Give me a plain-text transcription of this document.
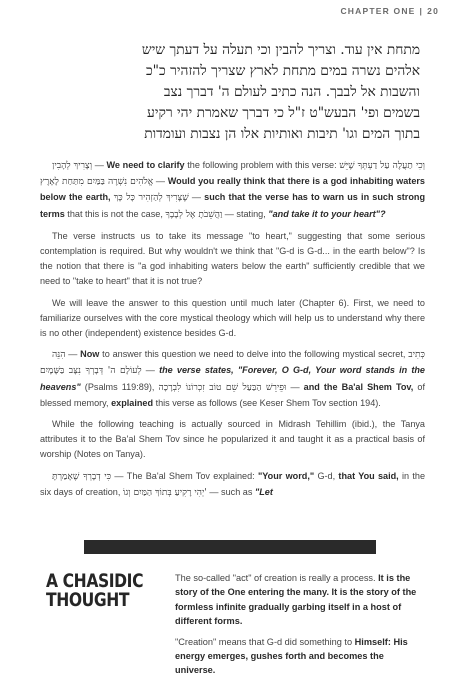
CHAPTER ONE | 20
מתחת אין עוד. וצריך להבין וכי תעלה על דעתך שיש
אלהים נשרה במים מתחת לארץ שצריך להזהיר כ"כ
והשבות אל לבבך. הנה כתיב לעולם ה' דברך נצב
בשמים ופי' הבעש"ט ז"ל כי דברך שאמרת יהי רקיע
בתוך המים וגו' תיבות ואותיות אלו הן נצבות ועומדות

וְצָרִיךְ לְהָבִין — We need to clarify the following problem with this verse: וְכִי תַעֲלֶה עַל דַעְתְּךָ שֶׁיֵּשׁ אֱלֹהִים נִשְׁרֶה בַּמַּיִם מִתַּחַת לָאָרֶץ — Would you really think that there is a god inhabiting waters below the earth, שֶׁצָּרִיךְ לְהַזְהִיר כָּל כָּךְ — such that the verse has to warn us in such strong terms that this is not the case, וַהֲשֵׁבֹתָ אֶל לְבָבֶךָ — stating, "and take it to your heart"?

The verse instructs us to take its message "to heart," suggesting that some serious contemplation is required. But why wouldn't we think that "G-d is G-d... in the earth below"? Is the notion that there is "a god inhabiting waters below the earth" sufficiently credible that we need to "take to heart" that it is not true?

We will leave the answer to this question until much later (Chapter 6). First, we need to familiarize ourselves with the core mystical theology which will help us to understand why there is no other (independent) existence besides G-d.

הִנֵּה — Now to answer this question we need to delve into the following mystical secret, כְּתִיב לְעוֹלָם ה' דְּבָרְךָ נִצָּב בַּשָּׁמָיִם — the verse states, "Forever, O G-d, Your word stands in the heavens" (Psalms 119:89), וּפֵירֵשׁ הַבַּעַל שֵׁם טוֹב זִכְרוֹנוֹ לִבְרָכָה — and the Ba'al Shem Tov, of blessed memory, explained this verse as follows (see Keser Shem Tov section 194).

While the following teaching is actually sourced in Midrash Tehillim (ibid.), the Tanya attributes it to the Ba'al Shem Tov since he popularized it and taught it as a practical basis of worship (Notes on Tanya).

כִּי דְבָרְךָ שֶׁאָמַרְתָּ — The Ba'al Shem Tov explained: "Your word," G-d, that You said, in the six days of creation, יְהִי רָקִיעַ בְּתוֹךְ הַמַּיִם וְגוֹ' — such as "Let

A CHASIDIC
THOUGHT

The so-called "act" of creation is really a process. It is the story of the One entering the many. It is the story of the formless infinite gradually garbing itself in a host of different forms.

"Creation" means that G-d did something to Himself: His energy emerges, gushes forth and becomes the universe.
